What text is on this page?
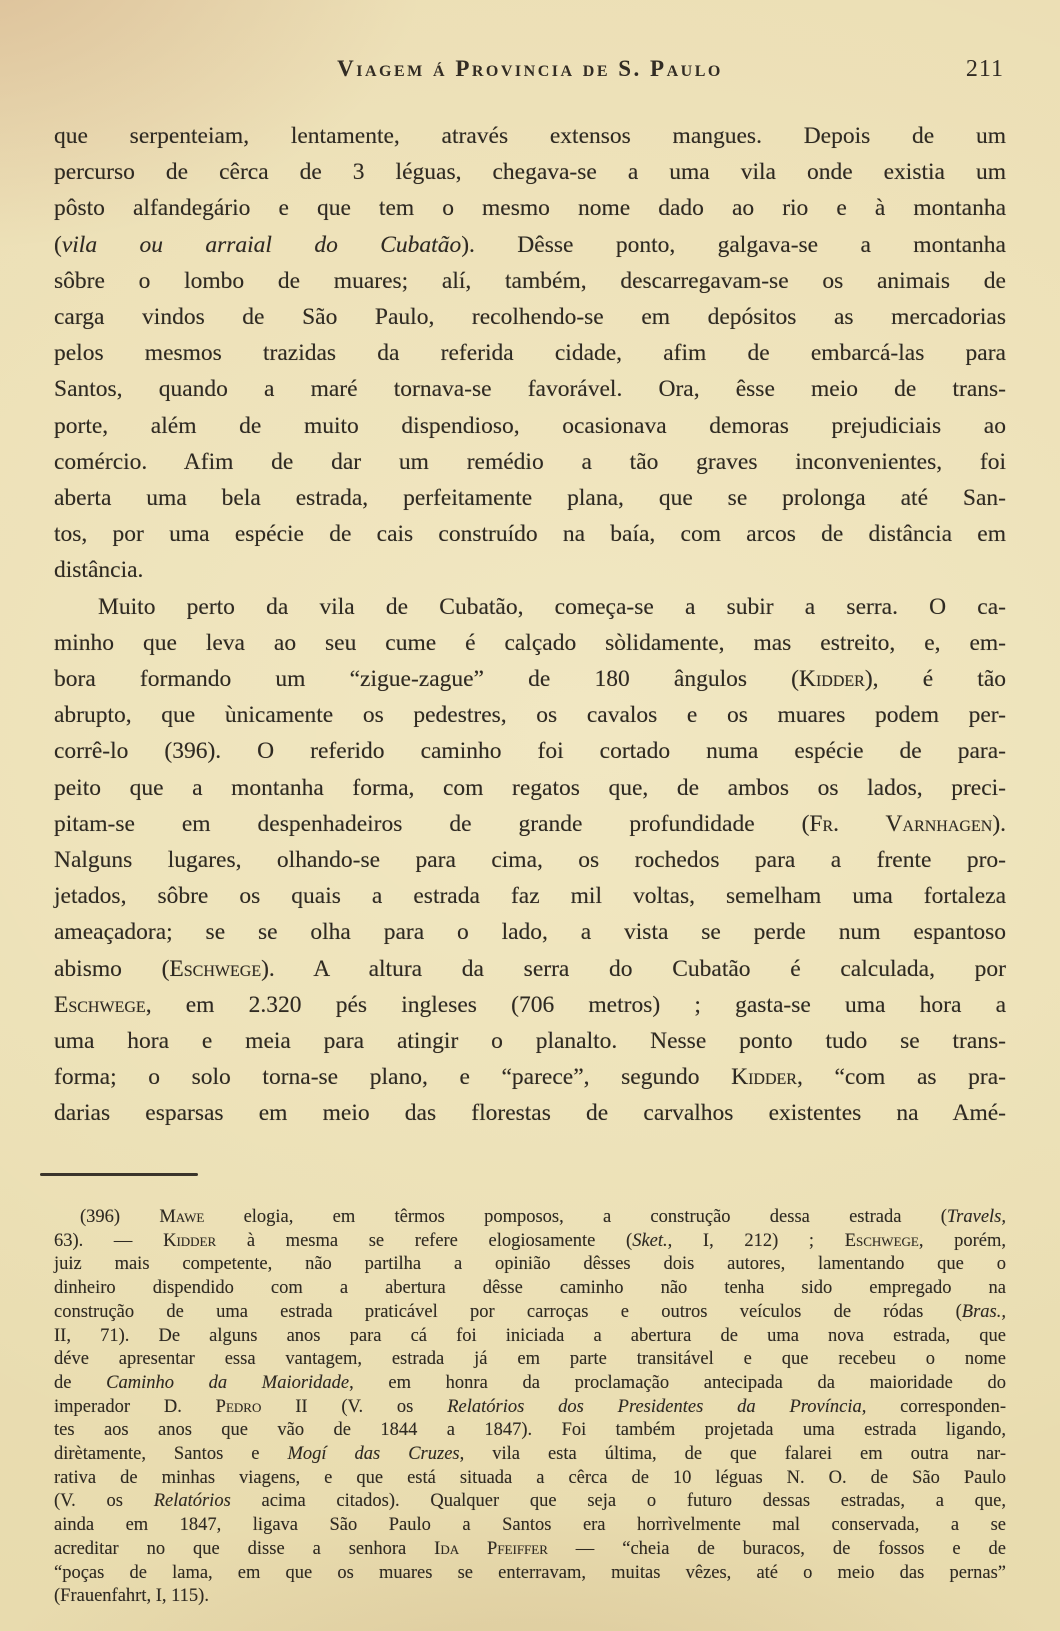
Viagem á Provincia de S. Paulo	211
que serpenteiam, lentamente, através extensos mangues. Depois de um
percurso de cêrca de 3 léguas, chegava-se a uma vila onde existia um
pôsto alfandegário e que tem o mesmo nome dado ao rio e à montanha
(vila ou arraial do Cubatão). Dêsse ponto, galgava-se a montanha
sôbre o lombo de muares; alí, também, descarregavam-se os animais de
carga vindos de São Paulo, recolhendo-se em depósitos as mercadorias
pelos mesmos trazidas da referida cidade, afim de embarcá-las para
Santos, quando a maré tornava-se favorável. Ora, êsse meio de trans-
porte, além de muito dispendioso, ocasionava demoras prejudiciais ao
comércio. Afim de dar um remédio a tão graves inconvenientes, foi
aberta uma bela estrada, perfeitamente plana, que se prolonga até San-
tos, por uma espécie de cais construído na baía, com arcos de distância em
distância.
Muito perto da vila de Cubatão, começa-se a subir a serra. O ca-
minho que leva ao seu cume é calçado sòlidamente, mas estreito, e, em-
bora formando um “zigue-zague” de 180 ângulos (Kidder), é tão
abrupto, que ùnicamente os pedestres, os cavalos e os muares podem per-
corrê-lo (396). O referido caminho foi cortado numa espécie de para-
peito que a montanha forma, com regatos que, de ambos os lados, preci-
pitam-se em despenhadeiros de grande profundidade (Fr. Varnhagen).
Nalguns lugares, olhando-se para cima, os rochedos para a frente pro-
jetados, sôbre os quais a estrada faz mil voltas, semelham uma fortaleza
ameaçadora; se se olha para o lado, a vista se perde num espantoso
abismo (Eschwege). A altura da serra do Cubatão é calculada, por
Eschwege, em 2.320 pés ingleses (706 metros) ; gasta-se uma hora a
uma hora e meia para atingir o planalto. Nesse ponto tudo se trans-
forma; o solo torna-se plano, e “parece”, segundo Kidder, “com as pra-
darias esparsas em meio das florestas de carvalhos existentes na Amé-
(396) Mawe elogia, em têrmos pomposos, a construção dessa estrada (Travels,
63). — Kidder à mesma se refere elogiosamente (Sket., I, 212) ; Eschwege, porém,
juiz mais competente, não partilha a opinião dêsses dois autores, lamentando que o
dinheiro dispendido com a abertura dêsse caminho não tenha sido empregado na
construção de uma estrada praticável por carroças e outros veículos de ródas (Bras.,
II, 71). De alguns anos para cá foi iniciada a abertura de uma nova estrada, que
déve apresentar essa vantagem, estrada já em parte transitável e que recebeu o nome
de Caminho da Maioridade, em honra da proclamação antecipada da maioridade do
imperador D. Pedro II (V. os Relatórios dos Presidentes da Província, corresponden-
tes aos anos que vão de 1844 a 1847). Foi também projetada uma estrada ligando,
dirètamente, Santos e Mogí das Cruzes, vila esta última, de que falarei em outra nar-
rativa de minhas viagens, e que está situada a cêrca de 10 léguas N. O. de São Paulo
(V. os Relatórios acima citados). Qualquer que seja o futuro dessas estradas, a que,
ainda em 1847, ligava São Paulo a Santos era horrìvelmente mal conservada, a se
acreditar no que disse a senhora Ida Pfeiffer — “cheia de buracos, de fossos e de
“poças de lama, em que os muares se enterravam, muitas vêzes, até o meio das pernas”
(Frauenfahrt, I, 115).
